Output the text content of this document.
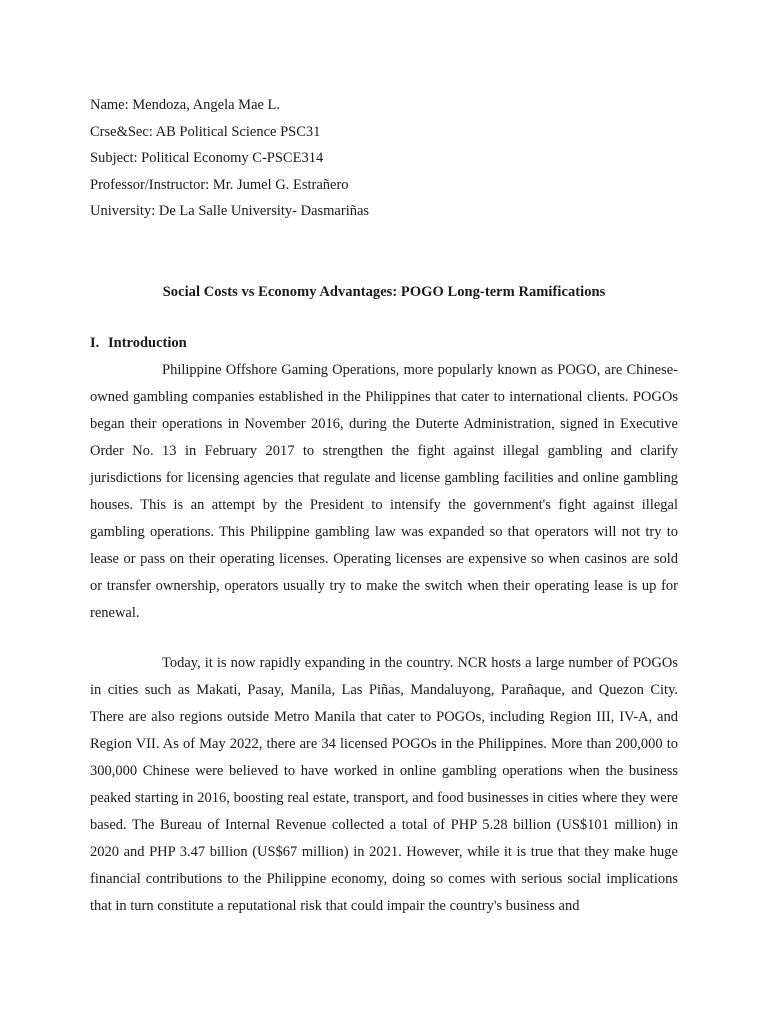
Name: Mendoza, Angela Mae L.
Crse&Sec: AB Political Science PSC31
Subject: Political Economy C-PSCE314
Professor/Instructor: Mr. Jumel G. Estrañero
University: De La Salle University- Dasmariñas
Social Costs vs Economy Advantages: POGO Long-term Ramifications
I. Introduction

Philippine Offshore Gaming Operations, more popularly known as POGO, are Chinese-owned gambling companies established in the Philippines that cater to international clients. POGOs began their operations in November 2016, during the Duterte Administration, signed in Executive Order No. 13 in February 2017 to strengthen the fight against illegal gambling and clarify jurisdictions for licensing agencies that regulate and license gambling facilities and online gambling houses. This is an attempt by the President to intensify the government's fight against illegal gambling operations. This Philippine gambling law was expanded so that operators will not try to lease or pass on their operating licenses. Operating licenses are expensive so when casinos are sold or transfer ownership, operators usually try to make the switch when their operating lease is up for renewal.

Today, it is now rapidly expanding in the country. NCR hosts a large number of POGOs in cities such as Makati, Pasay, Manila, Las Piñas, Mandaluyong, Parañaque, and Quezon City. There are also regions outside Metro Manila that cater to POGOs, including Region III, IV-A, and Region VII. As of May 2022, there are 34 licensed POGOs in the Philippines. More than 200,000 to 300,000 Chinese were believed to have worked in online gambling operations when the business peaked starting in 2016, boosting real estate, transport, and food businesses in cities where they were based. The Bureau of Internal Revenue collected a total of PHP 5.28 billion (US$101 million) in 2020 and PHP 3.47 billion (US$67 million) in 2021. However, while it is true that they make huge financial contributions to the Philippine economy, doing so comes with serious social implications that in turn constitute a reputational risk that could impair the country's business and
